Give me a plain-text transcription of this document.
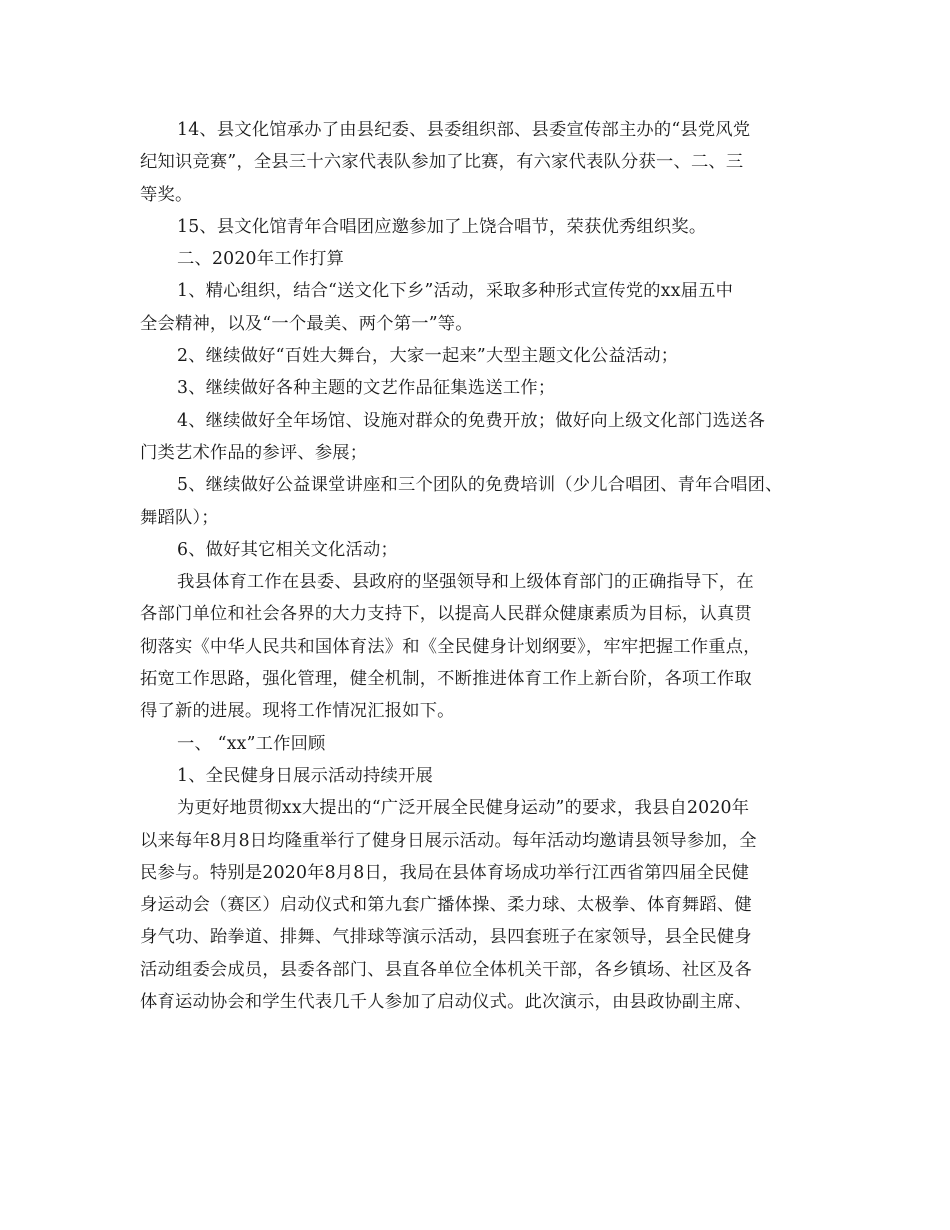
14、县文化馆承办了由县纪委、县委组织部、县委宣传部主办的“县党风党
纪知识竞赛”，全县三十六家代表队参加了比赛，有六家代表队分获一、二、三
等奖。
15、县文化馆青年合唱团应邀参加了上饶合唱节，荣获优秀组织奖。
二、2020年工作打算
1、精心组织，结合“送文化下乡”活动，采取多种形式宣传党的xx届五中
全会精神，以及“一个最美、两个第一”等。
2、继续做好“百姓大舞台，大家一起来”大型主题文化公益活动；
3、继续做好各种主题的文艺作品征集选送工作；
4、继续做好全年场馆、设施对群众的免费开放；做好向上级文化部门选送各
门类艺术作品的参评、参展；
5、继续做好公益课堂讲座和三个团队的免费培训（少儿合唱团、青年合唱团、
舞蹈队）；
6、做好其它相关文化活动；
我县体育工作在县委、县政府的坚强领导和上级体育部门的正确指导下，在
各部门单位和社会各界的大力支持下，以提高人民群众健康素质为目标，认真贯
彻落实《中华人民共和国体育法》和《全民健身计划纲要》，牢牢把握工作重点，
拓宽工作思路，强化管理，健全机制，不断推进体育工作上新台阶，各项工作取
得了新的进展。现将工作情况汇报如下。
一、 “xx”工作回顾
1、全民健身日展示活动持续开展
为更好地贯彻xx大提出的“广泛开展全民健身运动”的要求，我县自2020年
以来每年8月8日均隆重举行了健身日展示活动。每年活动均邀请县领导参加，全
民参与。特别是2020年8月8日，我局在县体育场成功举行江西省第四届全民健
身运动会（赛区）启动仪式和第九套广播体操、柔力球、太极拳、体育舞蹈、健
身气功、跆拳道、排舞、气排球等演示活动，县四套班子在家领导，县全民健身
活动组委会成员，县委各部门、县直各单位全体机关干部，各乡镇场、社区及各
体育运动协会和学生代表几千人参加了启动仪式。此次演示，由县政协副主席、
